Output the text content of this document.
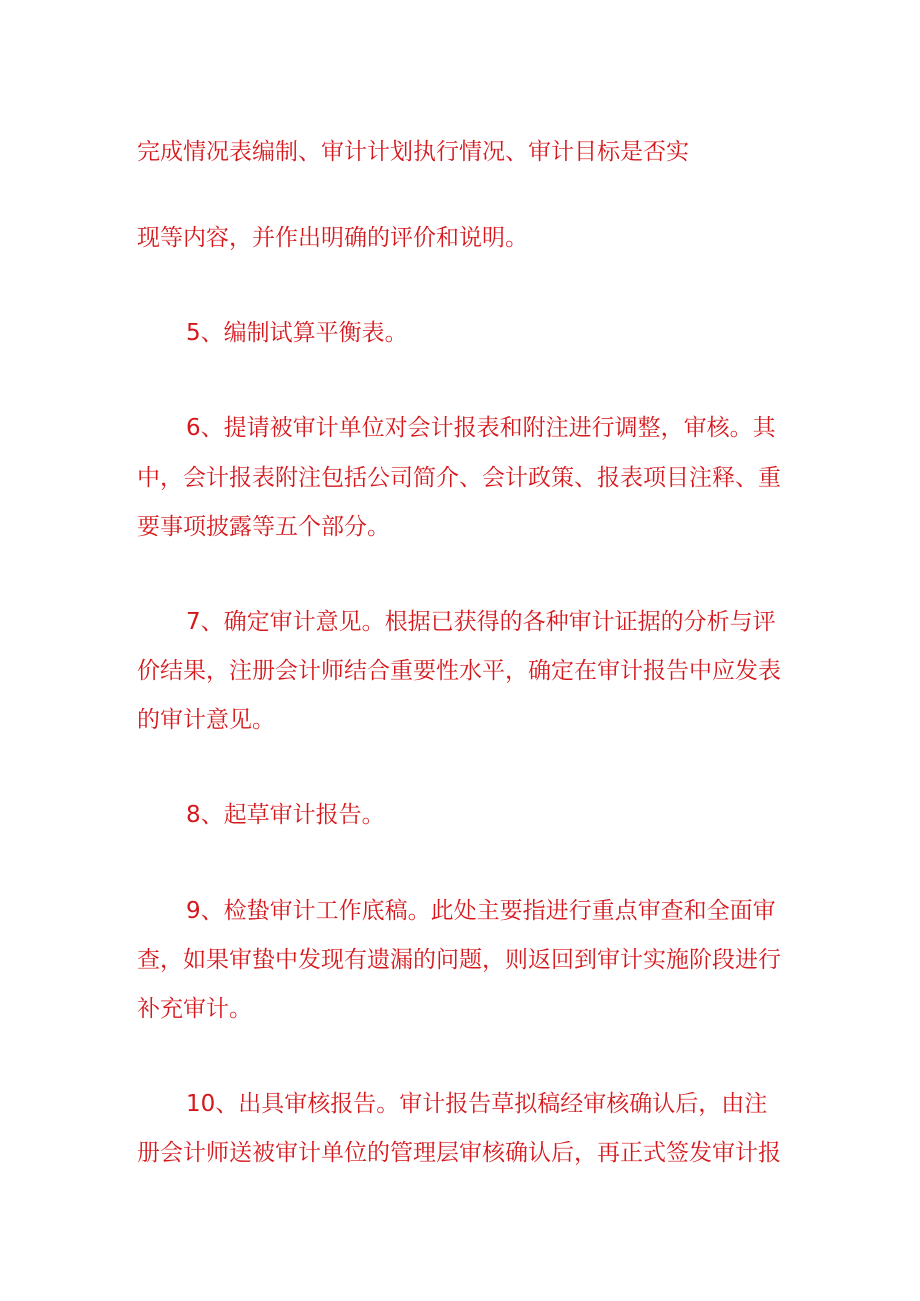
完成情况表编制、审计计划执行情况、审计目标是否实
现等内容，并作出明确的评价和说明。
5、编制试算平衡表。
6、提请被审计单位对会计报表和附注进行调整，审核。其
中，会计报表附注包括公司简介、会计政策、报表项目注释、重
要事项披露等五个部分。
7、确定审计意见。根据已获得的各种审计证据的分析与评
价结果，注册会计师结合重要性水平，确定在审计报告中应发表
的审计意见。
8、起草审计报告。
9、检蛰审计工作底稿。此处主要指进行重点审查和全面审
查，如果审蛰中发现有遗漏的问题，则返回到审计实施阶段进行
补充审计。
10、出具审核报告。审计报告草拟稿经审核确认后，由注
册会计师送被审计单位的管理层审核确认后，再正式签发审计报
